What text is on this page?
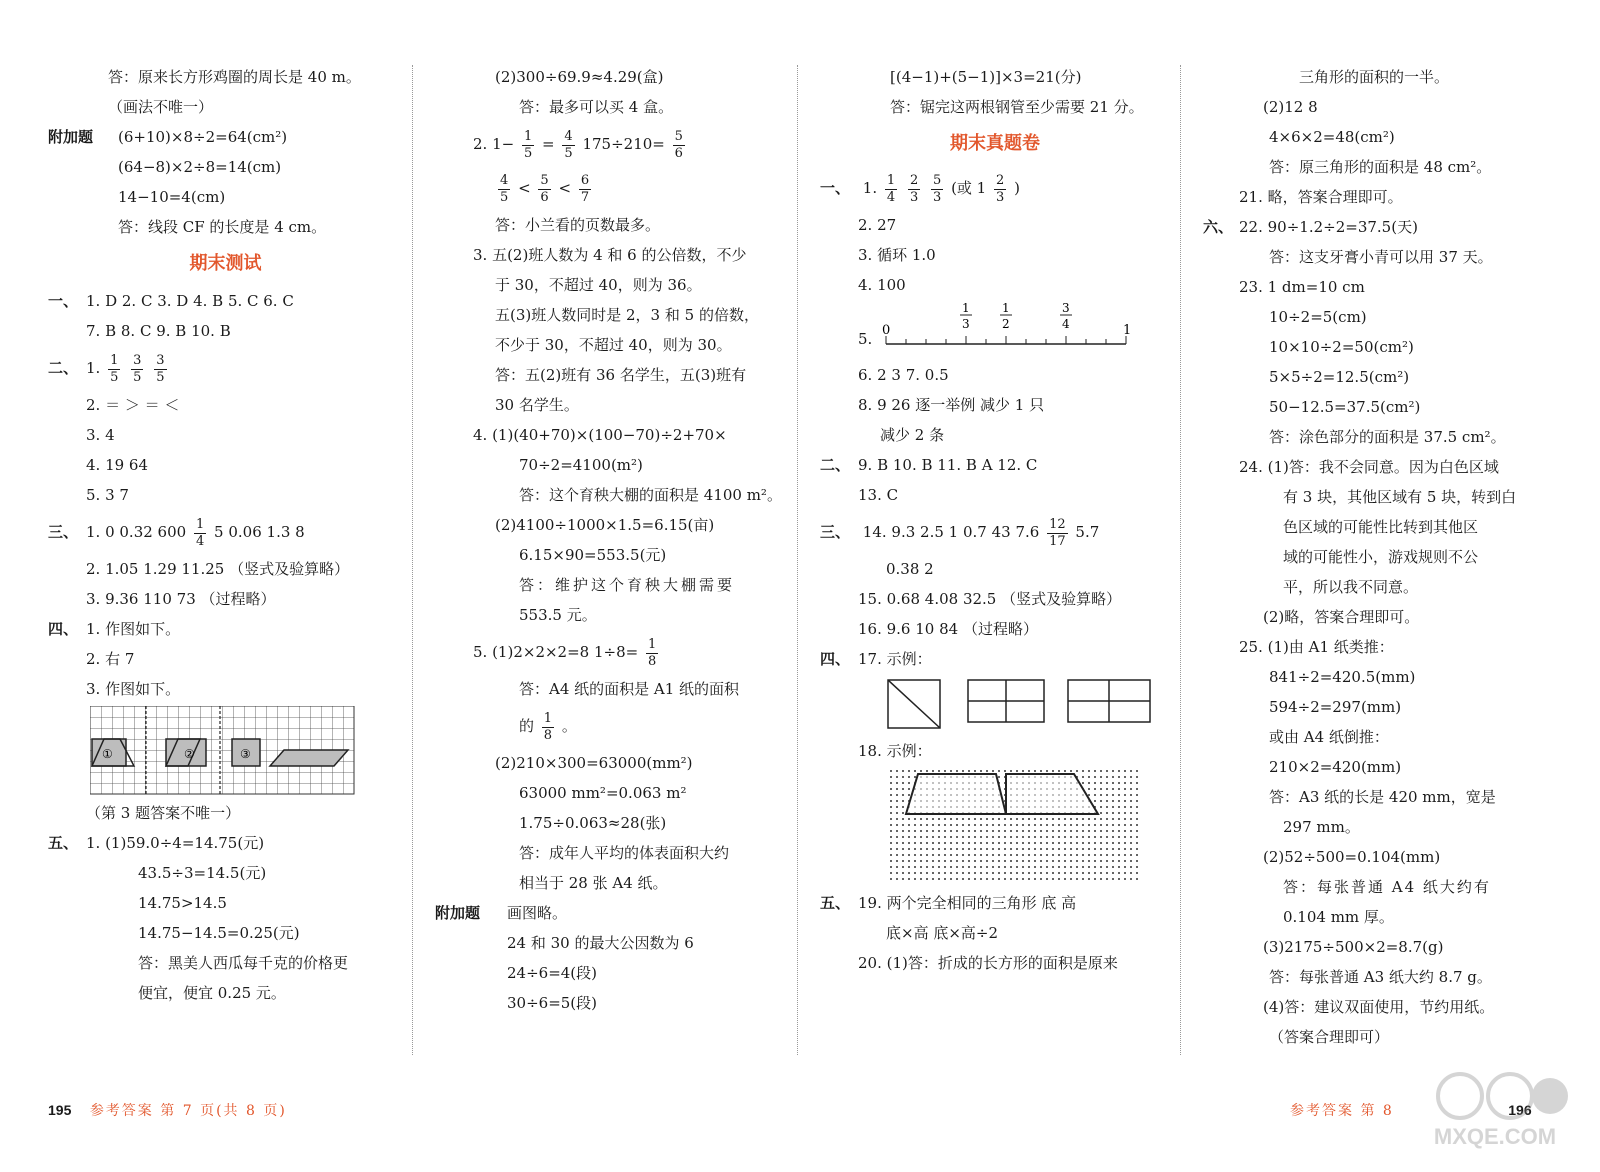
答：原来长方形鸡圈的周长是 40 m。
（画法不唯一）
附加题 (6+10)×8÷2=64(cm²)
(64−8)×2÷8=14(cm)
14−10=4(cm)
答：线段 CF 的长度是 4 cm。
期末测试
一、 1. D 2. C 3. D 4. B 5. C 6. C
7. B 8. C 9. B 10. B
二、 1. $\frac{1}{5}$
$\frac{3}{5}$
$\frac{3}{5}$
2. ＝ ＞ ＝ ＜
3. 4
4. 19 64
5. 3 7
三、 1. 0 0.32 $600 \frac{1}{4} 5$ 0.06 1.3 8
2. 1.05 1.29 11.25 （竖式及验算略）
3. 9.36 110 73 （过程略）
四、 1. 作图如下。
2. 右 7
3. 作图如下。
①	②	③
（第 3 题答案不唯一）
五、 1. (1)59.0÷4=14.75(元)
43.5÷3=14.5(元)
14.75>14.5
14.75−14.5=0.25(元)
答：黑美人西瓜每千克的价格更
便宜，便宜 0.25 元。
(2)300÷69.9≈4.29(盒)
答：最多可以买 4 盒。
2. $1- \frac{1}{5} = \frac{4}{5} 175\div 210= \frac{5}{6}$
$\frac{4}{5} < \frac{5}{6} < \frac{6}{7}$
答：小兰看的页数最多。
3. 五(2)班人数为 4 和 6 的公倍数，不少
于 30，不超过 40，则为 36。
五(3)班人数同时是 2，3 和 5 的倍数，
不少于 30，不超过 40，则为 30。
答：五(2)班有 36 名学生，五(3)班有
30 名学生。
4. (1)(40+70)×(100−70)÷2+70×
70÷2=4100(m²)
答：这个育秧大棚的面积是 4100 m²。
(2)4100÷1000×1.5=6.15(亩)
6.15×90=553.5(元)
答：维护这个育秧大棚需要
553.5 元。
5. (1)2×2×2=8 $1\div 8= \frac{1}{8}$
答：A4 纸的面积是 A1 纸的面积
的 $\frac{1}{8}$ 。
(2)210×300=63000(mm²)
63000 mm²=0.063 m²
1.75÷0.063≈28(张)
答：成年人平均的体表面积大约
相当于 28 张 A4 纸。
附加题 画图略。
24 和 30 的最大公因数为 6
24÷6=4(段)
30÷6=5(段)
[(4−1)+(5−1)]×3=21(分)
答：锯完这两根钢管至少需要 21 分。
期末真题卷
一、 1. $\frac{1}{4}$
$\frac{2}{3}$
$\frac{5}{3}$ (或 $1 \frac{2}{3}$ )
2. 27
3. 循环 1.0
4. 100
5. 0	1
1
3
1
2
3
4
6. 2 3 7. 0.5
8. 9 26 逐一举例 减少 1 只
减少 2 条
二、 9. B 10. B 11. B A 12. C
13. C
三、 14. 9.3 2.5 1 0.7 43 $7.6 \frac{12}{17} 5.7$
0.38 2
15. 0.68 4.08 32.5 （竖式及验算略）
16. 9.6 10 84 （过程略）
四、 17. 示例：
18. 示例：
五、 19. 两个完全相同的三角形 底 高
底×高 底×高÷2
20. (1)答：折成的长方形的面积是原来
三角形的面积的一半。
(2)12 8
4×6×2=48(cm²)
答：原三角形的面积是 48 cm²。
21. 略，答案合理即可。
六、 22. 90÷1.2÷2=37.5(天)
答：这支牙膏小青可以用 37 天。
23. 1 dm=10 cm
10÷2=5(cm)
10×10÷2=50(cm²)
5×5÷2=12.5(cm²)
50−12.5=37.5(cm²)
答：涂色部分的面积是 37.5 cm²。
24. (1)答：我不会同意。因为白色区域
有 3 块，其他区域有 5 块，转到白
色区域的可能性比转到其他区
域的可能性小，游戏规则不公
平，所以我不同意。
(2)略，答案合理即可。
25. (1)由 A1 纸类推：
841÷2=420.5(mm)
594÷2=297(mm)
或由 A4 纸倒推：
210×2=420(mm)
答：A3 纸的长是 420 mm，宽是
297 mm。
(2)52÷500=0.104(mm)
答：每张普通 A4 纸大约有
0.104 mm 厚。
(3)2175÷500×2=8.7(g)
答：每张普通 A3 纸大约 8.7 g。
(4)答：建议双面使用，节约用纸。
（答案合理即可）
195 参考答案 第 7 页(共 8 页)	参考答案 第 8	196
MXQE.COM
